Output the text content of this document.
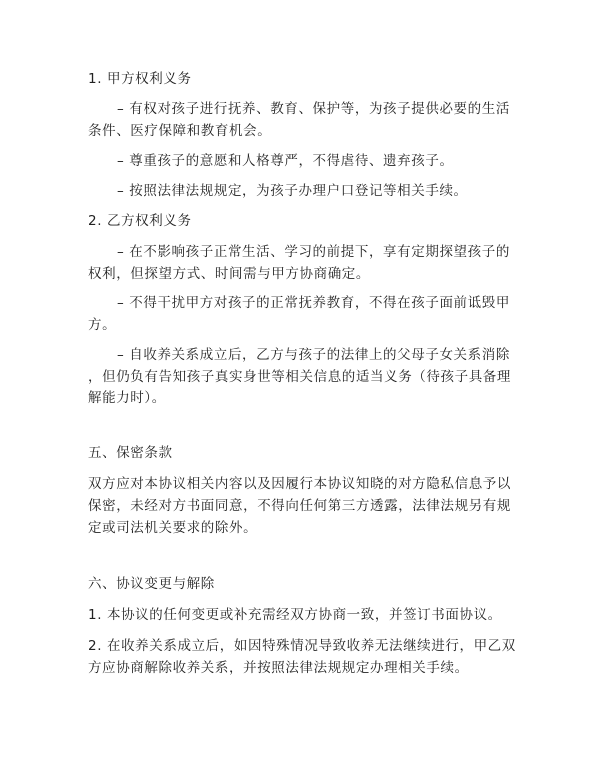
1. 甲方权利义务
– 有权对孩子进行抚养、教育、保护等，为孩子提供必要的生活
条件、医疗保障和教育机会。
– 尊重孩子的意愿和人格尊严，不得虐待、遗弃孩子。
– 按照法律法规规定，为孩子办理户口登记等相关手续。
2. 乙方权利义务
– 在不影响孩子正常生活、学习的前提下，享有定期探望孩子的
权利，但探望方式、时间需与甲方协商确定。
– 不得干扰甲方对孩子的正常抚养教育，不得在孩子面前诋毁甲
方。
– 自收养关系成立后，乙方与孩子的法律上的父母子女关系消除
，但仍负有告知孩子真实身世等相关信息的适当义务（待孩子具备理
解能力时）。
五、保密条款
双方应对本协议相关内容以及因履行本协议知晓的对方隐私信息予以
保密，未经对方书面同意，不得向任何第三方透露，法律法规另有规
定或司法机关要求的除外。
六、协议变更与解除
1. 本协议的任何变更或补充需经双方协商一致，并签订书面协议。
2. 在收养关系成立后，如因特殊情况导致收养无法继续进行，甲乙双
方应协商解除收养关系，并按照法律法规规定办理相关手续。
